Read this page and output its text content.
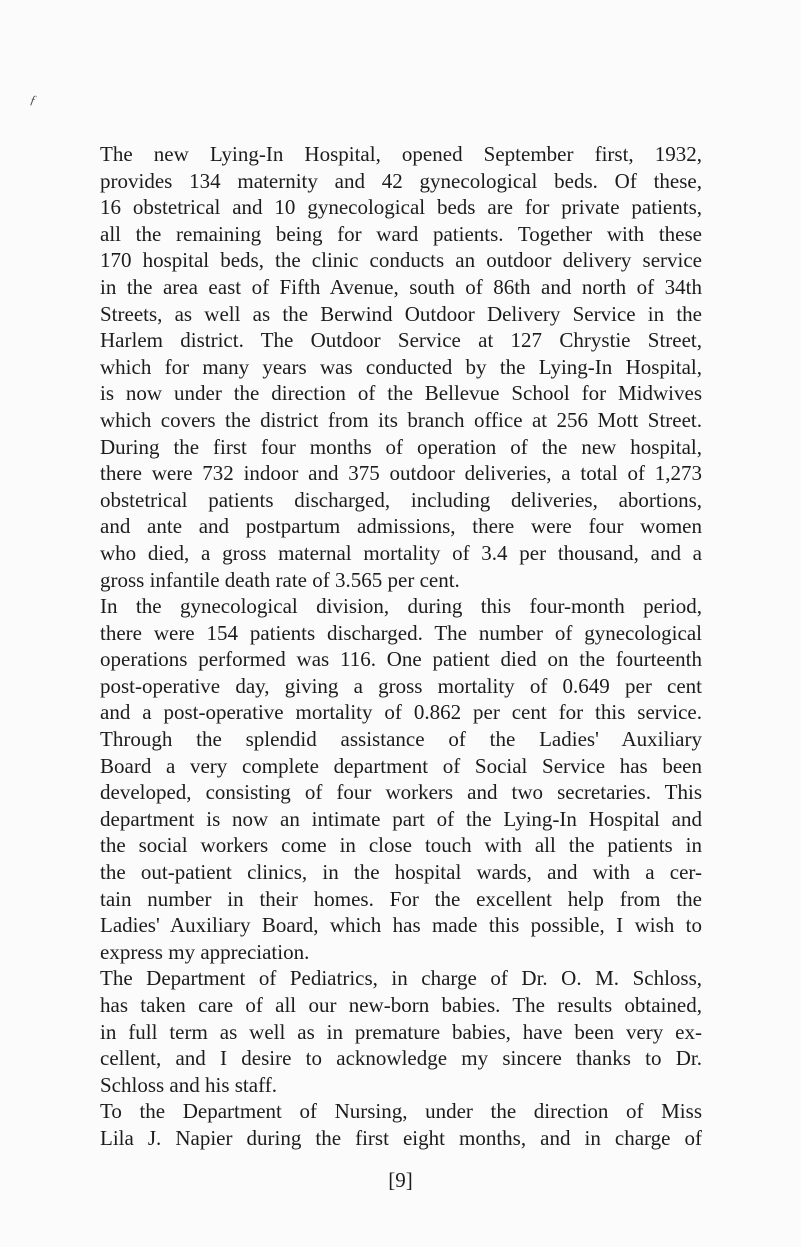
ƒ
The new Lying-In Hospital, opened September first, 1932,
provides 134 maternity and 42 gynecological beds. Of these,
16 obstetrical and 10 gynecological beds are for private patients,
all the remaining being for ward patients. Together with these
170 hospital beds, the clinic conducts an outdoor delivery service
in the area east of Fifth Avenue, south of 86th and north of 34th
Streets, as well as the Berwind Outdoor Delivery Service in the
Harlem district. The Outdoor Service at 127 Chrystie Street,
which for many years was conducted by the Lying-In Hospital,
is now under the direction of the Bellevue School for Midwives
which covers the district from its branch office at 256 Mott Street.
During the first four months of operation of the new hospital,
there were 732 indoor and 375 outdoor deliveries, a total of 1,273
obstetrical patients discharged, including deliveries, abortions,
and ante and postpartum admissions, there were four women
who died, a gross maternal mortality of 3.4 per thousand, and a
gross infantile death rate of 3.565 per cent.
In the gynecological division, during this four-month period,
there were 154 patients discharged. The number of gynecological
operations performed was 116. One patient died on the fourteenth
post-operative day, giving a gross mortality of 0.649 per cent
and a post-operative mortality of 0.862 per cent for this service.
Through the splendid assistance of the Ladies' Auxiliary
Board a very complete department of Social Service has been
developed, consisting of four workers and two secretaries. This
department is now an intimate part of the Lying-In Hospital and
the social workers come in close touch with all the patients in
the out-patient clinics, in the hospital wards, and with a cer-
tain number in their homes. For the excellent help from the
Ladies' Auxiliary Board, which has made this possible, I wish to
express my appreciation.
The Department of Pediatrics, in charge of Dr. O. M. Schloss,
has taken care of all our new-born babies. The results obtained,
in full term as well as in premature babies, have been very ex-
cellent, and I desire to acknowledge my sincere thanks to Dr.
Schloss and his staff.
To the Department of Nursing, under the direction of Miss
Lila J. Napier during the first eight months, and in charge of
[9]
